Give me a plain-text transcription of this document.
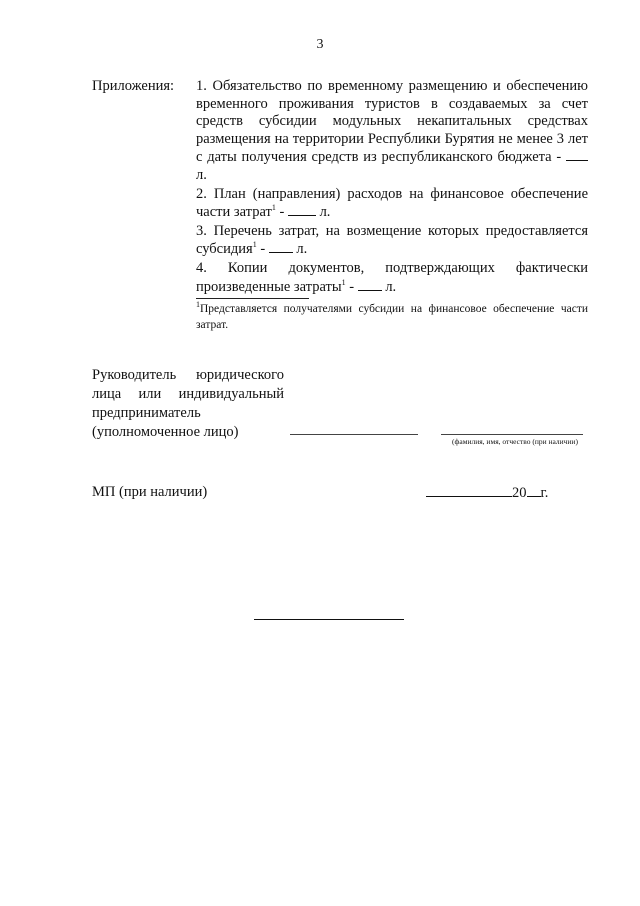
3
Приложения: 1. Обязательство по временному размещению и обеспечению временного проживания туристов в создаваемых за счет средств субсидии модульных некапитальных средствах размещения на территории Республики Бурятия не менее 3 лет с даты получения средств из республиканского бюджета -  л.
2. План (направления) расходов на финансовое обеспечение части затрат$^1$ -  л.
3. Перечень затрат, на возмещение которых предоставляется субсидия$^1$ -  л.
4. Копии документов, подтверждающих фактически произведенные затраты$^1$ -  л.
$^1$Представляется получателями субсидии на финансовое обеспечение части затрат.
Руководитель юридического лица или индивидуальный предприниматель (уполномоченное лицо)
(фамилия, имя, отчество (при наличии)
МП (при наличии)	20 г.
